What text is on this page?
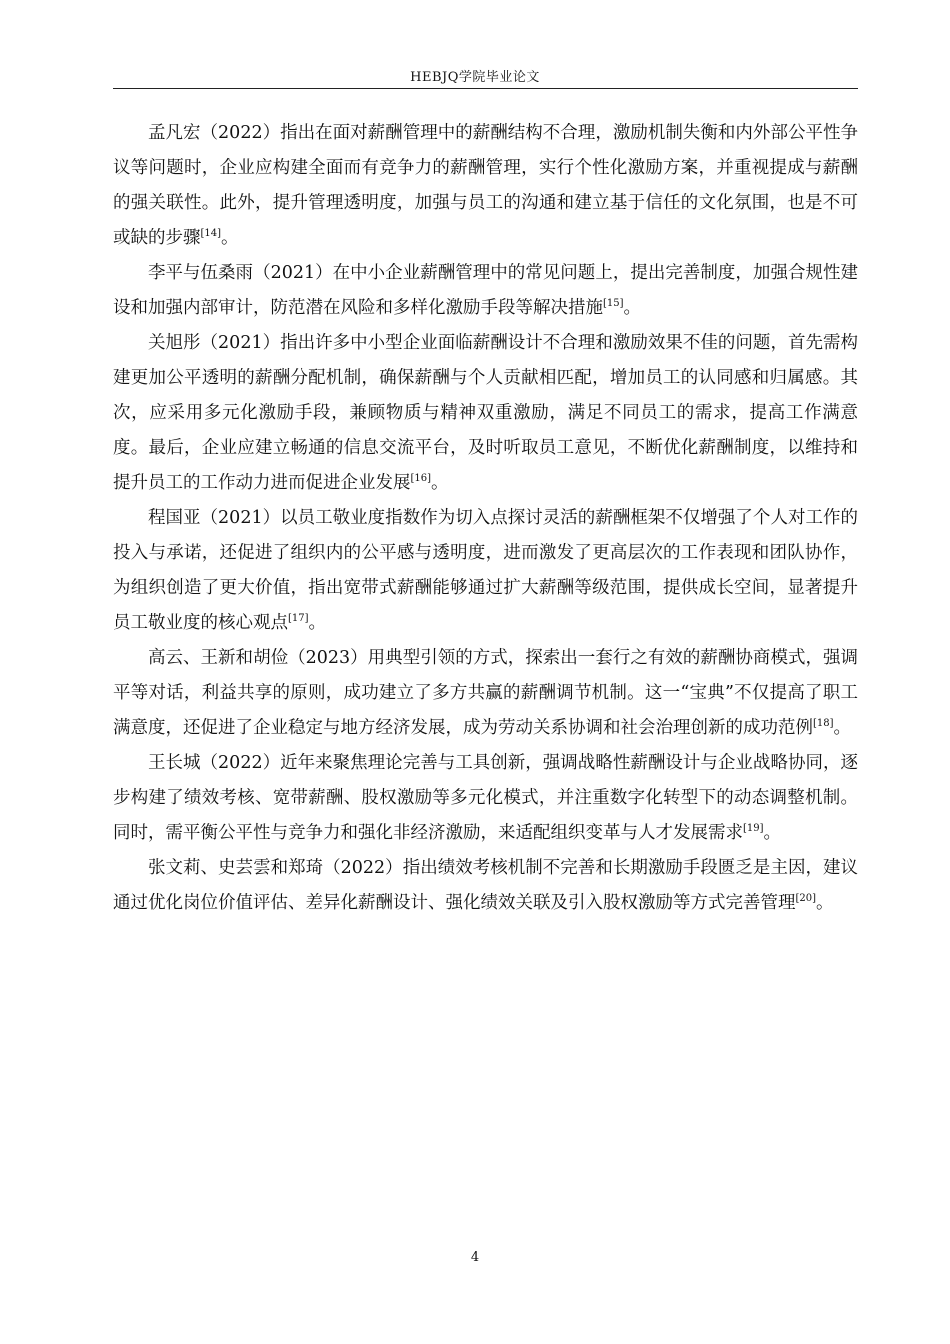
HEBJQ学院毕业论文

孟凡宏（2022）指出在面对薪酬管理中的薪酬结构不合理，激励机制失衡和内外部公平性争议等问题时，企业应构建全面而有竞争力的薪酬管理，实行个性化激励方案，并重视提成与薪酬的强关联性。此外，提升管理透明度，加强与员工的沟通和建立基于信任的文化氛围，也是不可或缺的步骤[14]。

李平与伍桑雨（2021）在中小企业薪酬管理中的常见问题上，提出完善制度，加强合规性建设和加强内部审计，防范潜在风险和多样化激励手段等解决措施[15]。

关旭彤（2021）指出许多中小型企业面临薪酬设计不合理和激励效果不佳的问题，首先需构建更加公平透明的薪酬分配机制，确保薪酬与个人贡献相匹配，增加员工的认同感和归属感。其次，应采用多元化激励手段，兼顾物质与精神双重激励，满足不同员工的需求，提高工作满意度。最后，企业应建立畅通的信息交流平台，及时听取员工意见，不断优化薪酬制度，以维持和提升员工的工作动力进而促进企业发展[16]。

程国亚（2021）以员工敬业度指数作为切入点探讨灵活的薪酬框架不仅增强了个人对工作的投入与承诺，还促进了组织内的公平感与透明度，进而激发了更高层次的工作表现和团队协作，为组织创造了更大价值，指出宽带式薪酬能够通过扩大薪酬等级范围，提供成长空间，显著提升员工敬业度的核心观点[17]。

高云、王新和胡俭（2023）用典型引领的方式，探索出一套行之有效的薪酬协商模式，强调平等对话，利益共享的原则，成功建立了多方共赢的薪酬调节机制。这一“宝典”不仅提高了职工满意度，还促进了企业稳定与地方经济发展，成为劳动关系协调和社会治理创新的成功范例[18]。

王长城（2022）近年来聚焦理论完善与工具创新，强调战略性薪酬设计与企业战略协同，逐步构建了绩效考核、宽带薪酬、股权激励等多元化模式，并注重数字化转型下的动态调整机制。同时，需平衡公平性与竞争力和强化非经济激励，来适配组织变革与人才发展需求[19]。

张文莉、史芸雲和郑琦（2022）指出绩效考核机制不完善和长期激励手段匮乏是主因，建议通过优化岗位价值评估、差异化薪酬设计、强化绩效关联及引入股权激励等方式完善管理[20]。

4
